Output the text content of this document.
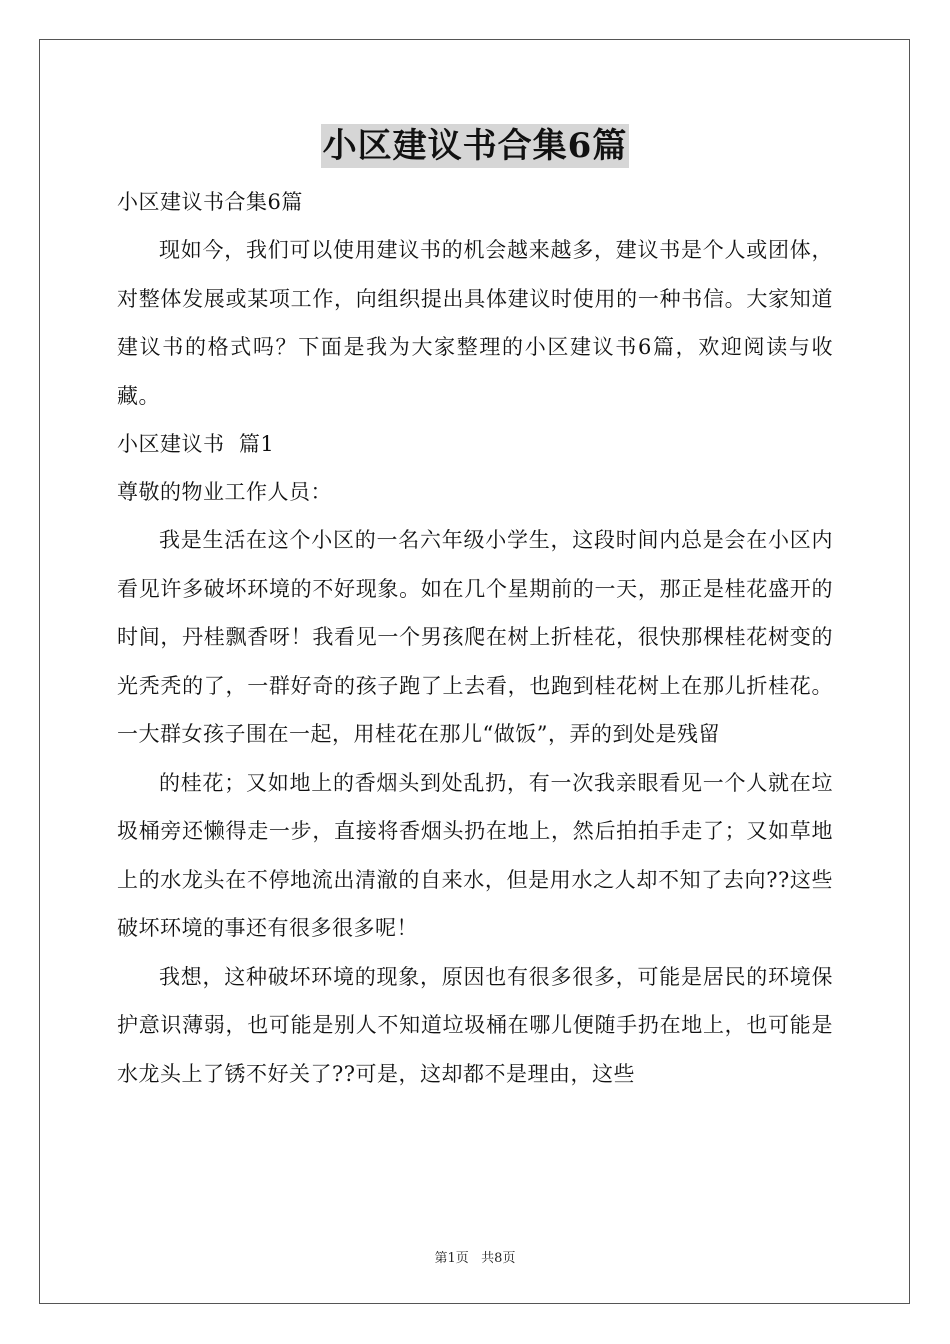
小区建议书合集6篇
小区建议书合集6篇
现如今，我们可以使用建议书的机会越来越多，建议书是个人或团体，对整体发展或某项工作，向组织提出具体建议时使用的一种书信。大家知道建议书的格式吗？下面是我为大家整理的小区建议书6篇，欢迎阅读与收藏。
小区建议书  篇1
尊敬的物业工作人员：
我是生活在这个小区的一名六年级小学生，这段时间内总是会在小区内看见许多破坏环境的不好现象。如在几个星期前的一天，那正是桂花盛开的时间，丹桂飘香呀！我看见一个男孩爬在树上折桂花，很快那棵桂花树变的光秃秃的了，一群好奇的孩子跑了上去看，也跑到桂花树上在那儿折桂花。一大群女孩子围在一起，用桂花在那儿“做饭”，弄的到处是残留
的桂花；又如地上的香烟头到处乱扔，有一次我亲眼看见一个人就在垃圾桶旁还懒得走一步，直接将香烟头扔在地上，然后拍拍手走了；又如草地上的水龙头在不停地流出清澈的自来水，但是用水之人却不知了去向??这些破坏环境的事还有很多很多呢！
我想，这种破坏环境的现象，原因也有很多很多，可能是居民的环境保护意识薄弱，也可能是别人不知道垃圾桶在哪儿便随手扔在地上，也可能是水龙头上了锈不好关了??可是，这却都不是理由，这些
第1页   共8页
